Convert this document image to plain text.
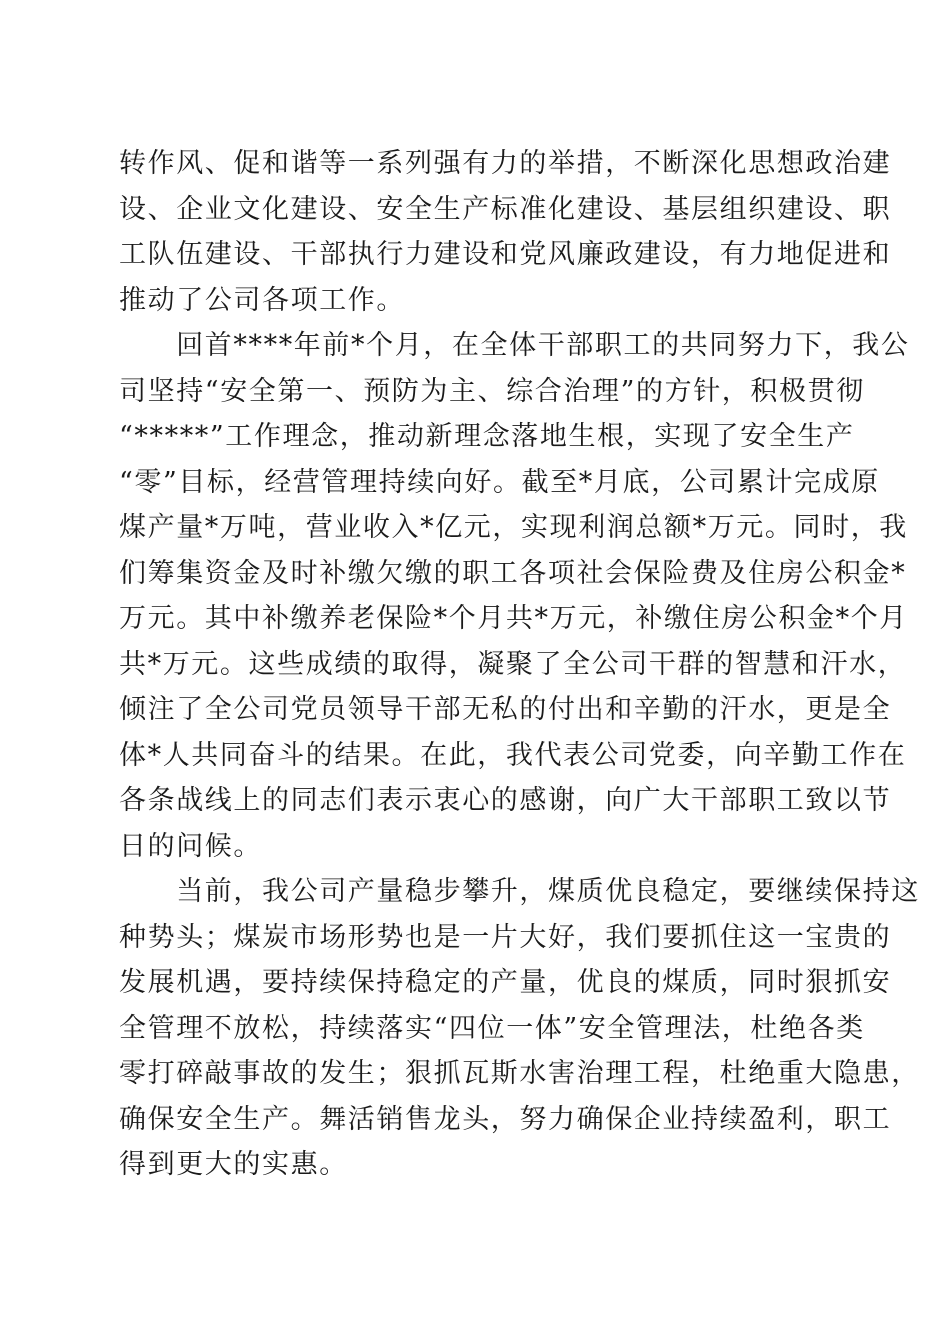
转作风、促和谐等一系列强有力的举措，不断深化思想政治建
设、企业文化建设、安全生产标准化建设、基层组织建设、职
工队伍建设、干部执行力建设和党风廉政建设，有力地促进和
推动了公司各项工作。
　　回首****年前*个月，在全体干部职工的共同努力下，我公
司坚持“安全第一、预防为主、综合治理”的方针，积极贯彻
“*****”工作理念，推动新理念落地生根，实现了安全生产
“零”目标，经营管理持续向好。截至*月底，公司累计完成原
煤产量*万吨，营业收入*亿元，实现利润总额*万元。同时，我
们筹集资金及时补缴欠缴的职工各项社会保险费及住房公积金*
万元。其中补缴养老保险*个月共*万元，补缴住房公积金*个月
共*万元。这些成绩的取得，凝聚了全公司干群的智慧和汗水，
倾注了全公司党员领导干部无私的付出和辛勤的汗水，更是全
体*人共同奋斗的结果。在此，我代表公司党委，向辛勤工作在
各条战线上的同志们表示衷心的感谢，向广大干部职工致以节
日的问候。
　　当前，我公司产量稳步攀升，煤质优良稳定，要继续保持这
种势头；煤炭市场形势也是一片大好，我们要抓住这一宝贵的
发展机遇，要持续保持稳定的产量，优良的煤质，同时狠抓安
全管理不放松，持续落实“四位一体”安全管理法，杜绝各类
零打碎敲事故的发生；狠抓瓦斯水害治理工程，杜绝重大隐患，
确保安全生产。舞活销售龙头，努力确保企业持续盈利，职工
得到更大的实惠。
